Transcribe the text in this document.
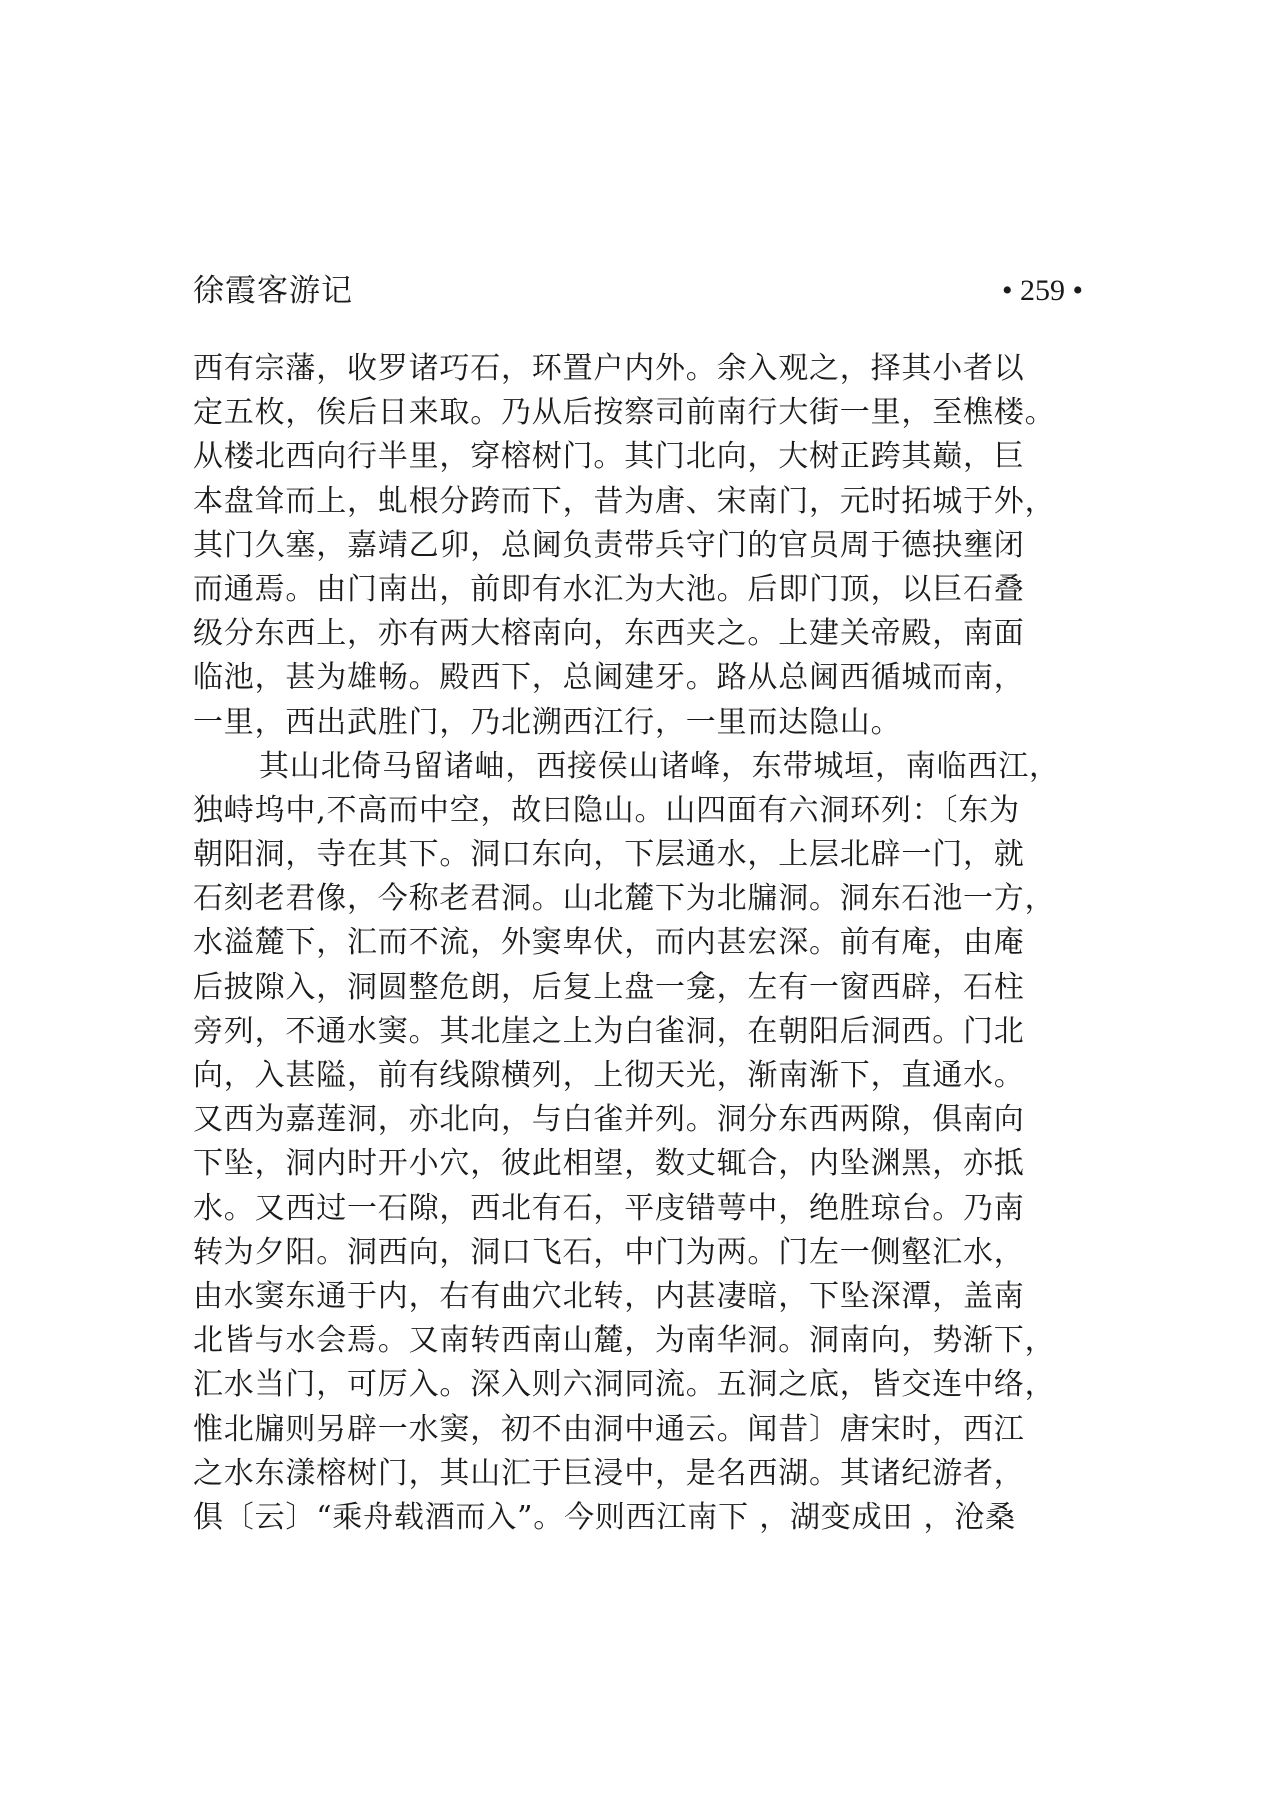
徐霞客游记	• 259 •
西有宗藩，收罗诸巧石，环置户内外。余入观之，择其小者以
定五枚，俟后日来取。乃从后按察司前南行大街一里，至樵楼。
从楼北西向行半里，穿榕树门。其门北向，大树正跨其巅，巨
本盘耸而上，虬根分跨而下，昔为唐、宋南门，元时拓城于外，
其门久塞，嘉靖乙卯，总阃负责带兵守门的官员周于德抉壅闭
而通焉。由门南出，前即有水汇为大池。后即门顶，以巨石叠
级分东西上，亦有两大榕南向，东西夹之。上建关帝殿，南面
临池，甚为雄畅。殿西下，总阃建牙。路从总阃西循城而南，
一里，西出武胜门，乃北溯西江行，一里而达隐山。
其山北倚马留诸岫，西接侯山诸峰，东带城垣，南临西江，
独峙坞中,不高而中空，故曰隐山。山四面有六洞环列：〔东为
朝阳洞，寺在其下。洞口东向，下层通水，上层北辟一门，就
石刻老君像，今称老君洞。山北麓下为北牖洞。洞东石池一方，
水溢麓下，汇而不流，外窦卑伏，而内甚宏深。前有庵，由庵
后披隙入，洞圆整危朗，后复上盘一龛，左有一窗西辟，石柱
旁列，不通水窦。其北崖之上为白雀洞，在朝阳后洞西。门北
向，入甚隘，前有线隙横列，上彻天光，渐南渐下，直通水。
又西为嘉莲洞，亦北向，与白雀并列。洞分东西两隙，俱南向
下坠，洞内时开小穴，彼此相望，数丈辄合，内坠渊黑，亦抵
水。又西过一石隙，西北有石，平庋错萼中，绝胜琼台。乃南
转为夕阳。洞西向，洞口飞石，中门为两。门左一侧壑汇水，
由水窦东通于内，右有曲穴北转，内甚凄暗，下坠深潭，盖南
北皆与水会焉。又南转西南山麓，为南华洞。洞南向，势渐下，
汇水当门，可厉入。深入则六洞同流。五洞之底，皆交连中络，
惟北牖则另辟一水窦，初不由洞中通云。闻昔〕唐宋时，西江
之水东漾榕树门，其山汇于巨浸中，是名西湖。其诸纪游者，
俱〔云〕“乘舟载酒而入”。今则西江南下 ，湖变成田 ，沧桑
